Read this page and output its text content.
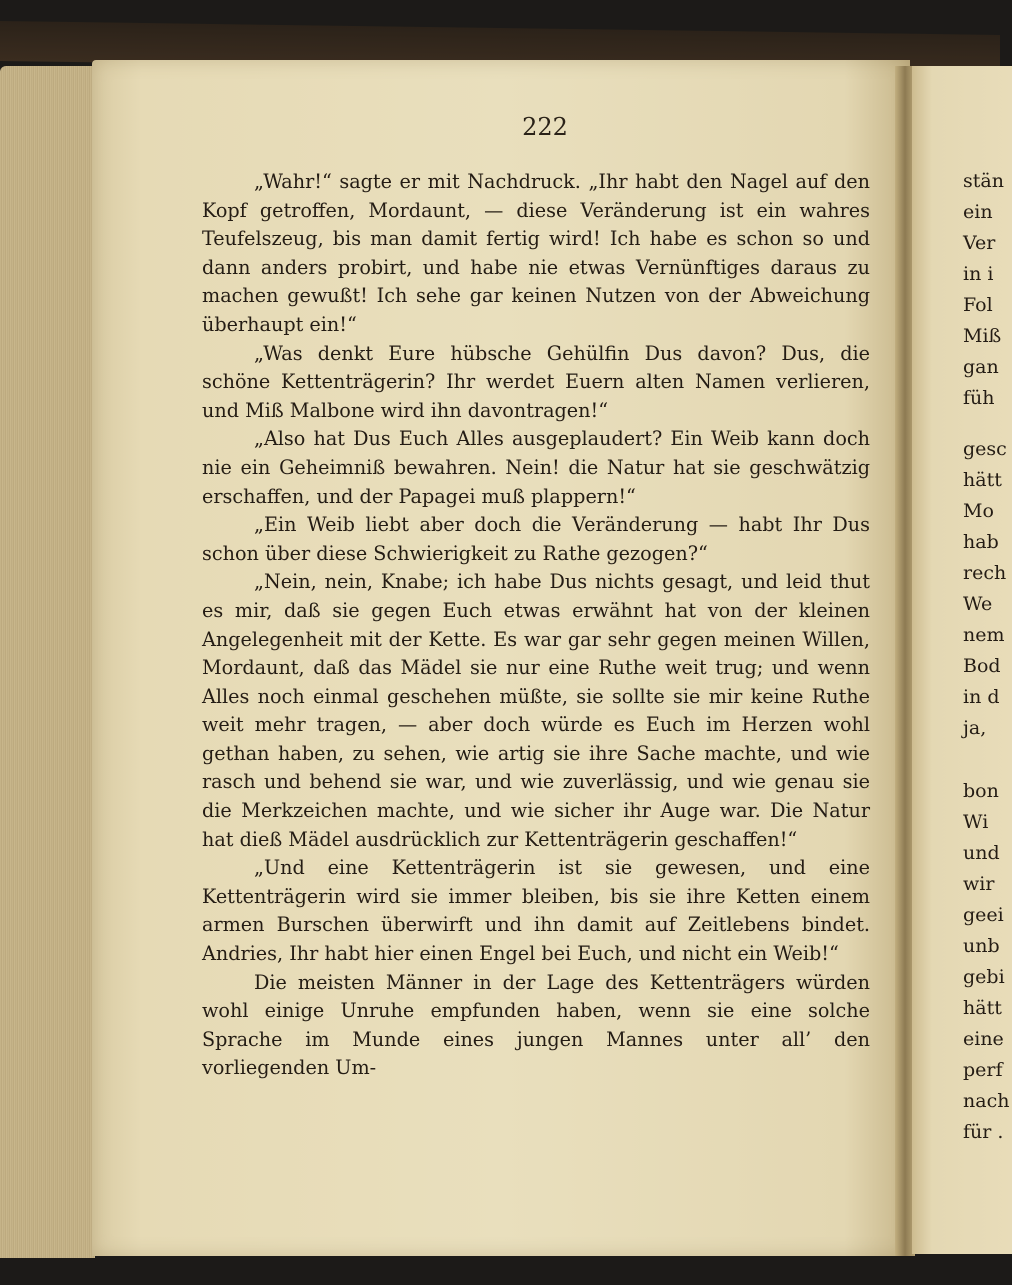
222

„Wahr!“ sagte er mit Nachdruck. „Ihr habt den Nagel auf den Kopf getroffen, Mordaunt, — diese Veränderung ist ein wahres Teufelszeug, bis man damit fertig wird! Ich habe es schon so und dann anders probirt, und habe nie etwas Vernünftiges daraus zu machen gewußt! Ich sehe gar keinen Nutzen von der Abweichung überhaupt ein!“

„Was denkt Eure hübsche Gehülfin Dus davon? Dus, die schöne Kettenträgerin? Ihr werdet Euern alten Namen verlieren, und Miß Malbone wird ihn davontragen!“

„Also hat Dus Euch Alles ausgeplaudert? Ein Weib kann doch nie ein Geheimniß bewahren. Nein! die Natur hat sie geschwätzig erschaffen, und der Papagei muß plappern!“

„Ein Weib liebt aber doch die Veränderung — habt Ihr Dus schon über diese Schwierigkeit zu Rathe gezogen?“

„Nein, nein, Knabe; ich habe Dus nichts gesagt, und leid thut es mir, daß sie gegen Euch etwas erwähnt hat von der kleinen Angelegenheit mit der Kette. Es war gar sehr gegen meinen Willen, Mordaunt, daß das Mädel sie nur eine Ruthe weit trug; und wenn Alles noch einmal geschehen müßte, sie sollte sie mir keine Ruthe weit mehr tragen, — aber doch würde es Euch im Herzen wohl gethan haben, zu sehen, wie artig sie ihre Sache machte, und wie rasch und behend sie war, und wie zuverlässig, und wie genau sie die Merkzeichen machte, und wie sicher ihr Auge war. Die Natur hat dieß Mädel ausdrücklich zur Kettenträgerin geschaffen!“

„Und eine Kettenträgerin ist sie gewesen, und eine Kettenträgerin wird sie immer bleiben, bis sie ihre Ketten einem armen Burschen überwirft und ihn damit auf Zeitlebens bindet. Andries, Ihr habt hier einen Engel bei Euch, und nicht ein Weib!“

Die meisten Männer in der Lage des Kettenträgers würden wohl einige Unruhe empfunden haben, wenn sie eine solche Sprache im Munde eines jungen Mannes unter all’ den vorliegenden Um-

stän
ein
Ver
in i
Fol
Miß
gan
füh
gesc
hätt
Mo
hab
rech
We
nem
Bod
in d
ja,
bon
Wi
und
wir
geei
unb
gebi
hätt
eine
perf
nach
für .
